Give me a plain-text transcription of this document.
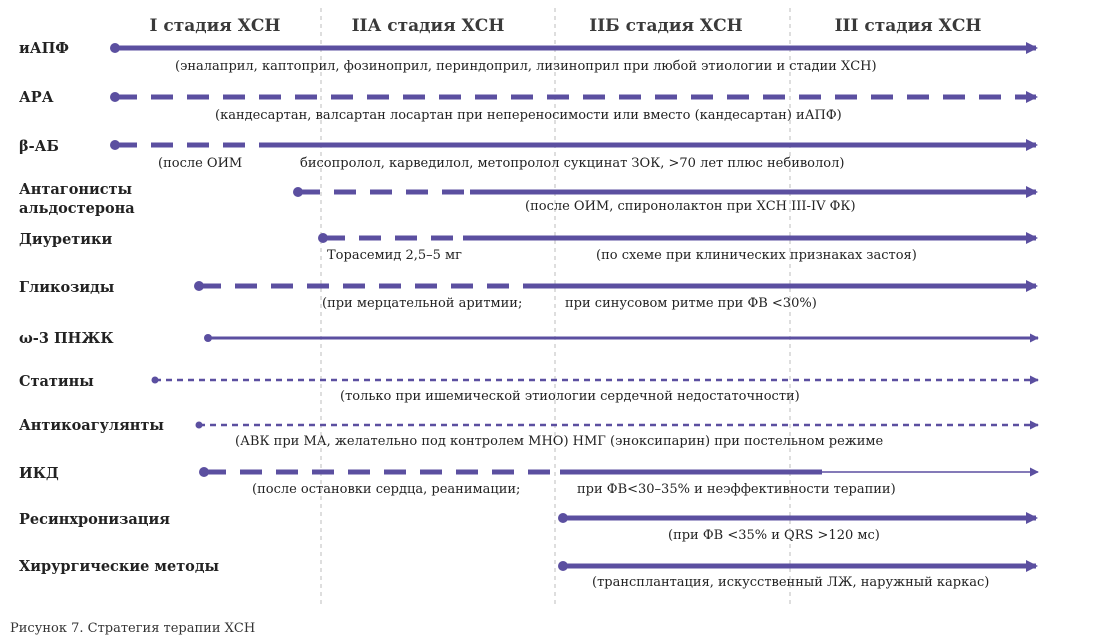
I стадия ХСН	IIА стадия ХСН	IIБ стадия ХСН	III стадия ХСН
иАПФ
(эналаприл, каптоприл, фозиноприл, периндоприл, лизиноприл при любой этиологии и стадии ХСН)
АРА
(кандесартан, валсартан лосартан при непереносимости или вместо (кандесартан) иАПФ)
β-АБ
(после ОИМ	бисопролол, карведилол, метопролол сукцинат ЗОК, >70 лет плюс небиволол)
Антагонисты
альдостерона	(после ОИМ, спиронолактон при ХСН III-IV ФК)
Диуретики
Торасемид 2,5–5 мг	(по схеме при клинических признаках застоя)
Гликозиды
(при мерцательной аритмии;	при синусовом ритме при ФВ <30%)
ω-3 ПНЖК
Статины
(только при ишемической этиологии сердечной недостаточности)
Антикоагулянты
(АВК при МА, желательно под контролем МНО) НМГ (эноксипарин) при постельном режиме
ИКД
(после остановки сердца, реанимации;	при ФВ<30–35% и неэффективности терапии)
Ресинхронизация
(при ФВ <35% и QRS >120 мс)
Хирургические методы
(трансплантация, искусственный ЛЖ, наружный каркас)
Рисунок 7. Стратегия терапии ХСН
